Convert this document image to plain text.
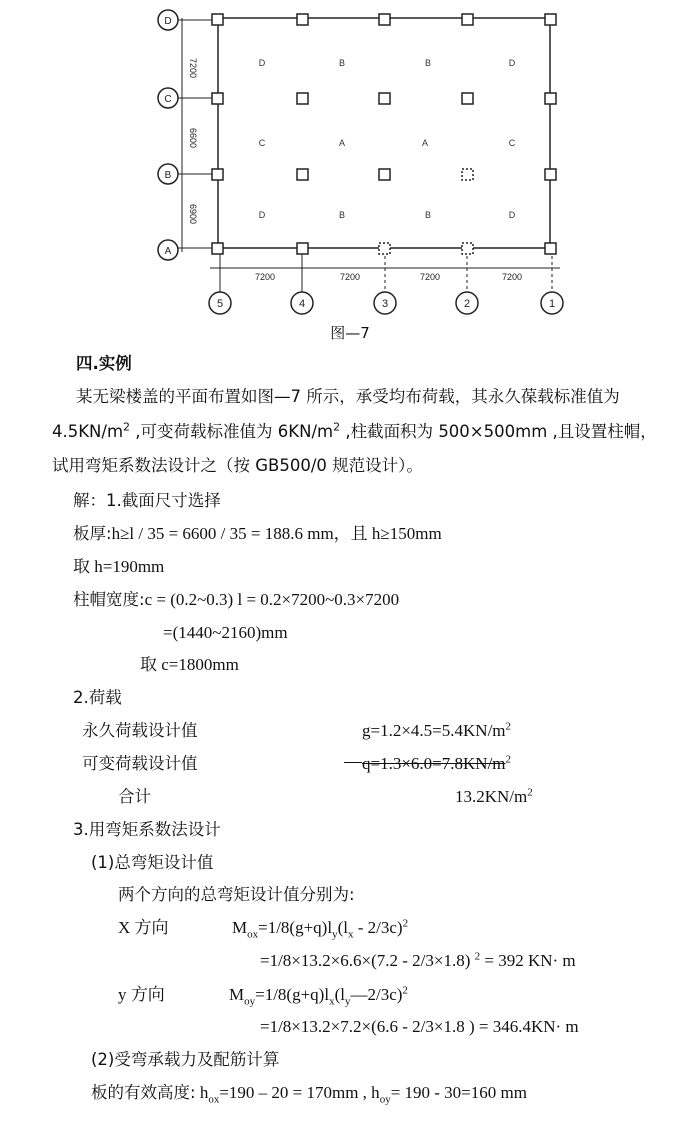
D
C
B
A
5	4	3	2	1
7200
6600
6900
7200	7200	7200	7200
D	B	B	D
C	A	A	C
D	B	B	D
图—7
四.实例
某无梁楼盖的平面布置如图—7 所示，承受均布荷载，其永久葆载标准值为
$4.5KN/m^2$ ,可变荷载标准值为 $6KN/m^2$ ,柱截面积为 500×500mm ,且设置柱帽，
试用弯矩系数法设计之（按 GB500/0 规范设计）。
解：1.截面尺寸选择
板厚:h≥l / 35 = 6600 / 35 = 188.6 mm，且 h≥150mm
取 h=190mm
柱帽宽度:c = (0.2~0.3) l = 0.2×7200~0.3×7200
=(1440~2160)mm
取 c=1800mm
2.荷载
永久荷载设计值	$g=1.2\times 4.5=5.4KN/m^2$
可变荷载设计值	$q=1.3\times 6.0=7.8KN/m^2$
合计	$13.2KN/m^2$
3.用弯矩系数法设计
(1)总弯矩设计值
两个方向的总弯矩设计值分别为:
X 方向	$M_{ox}=1/8(g+q)l_y(l_x - 2/3c)^2$
=1/8×13.2×6.6×(7.2 - 2/3×1.8) $^2$ = 392 KN· m
y 方向	$M_{oy}=1/8(g+q)l_x(l_y—2/3c)^2$
=1/8×13.2×7.2×(6.6 - 2/3×1.8 ) = 346.4KN· m
(2)受弯承载力及配筋计算
板的有效高度: $h_{ox}=190 - 20 = 170mm$ , $h_{oy}= 190 - 30=160$ mm
